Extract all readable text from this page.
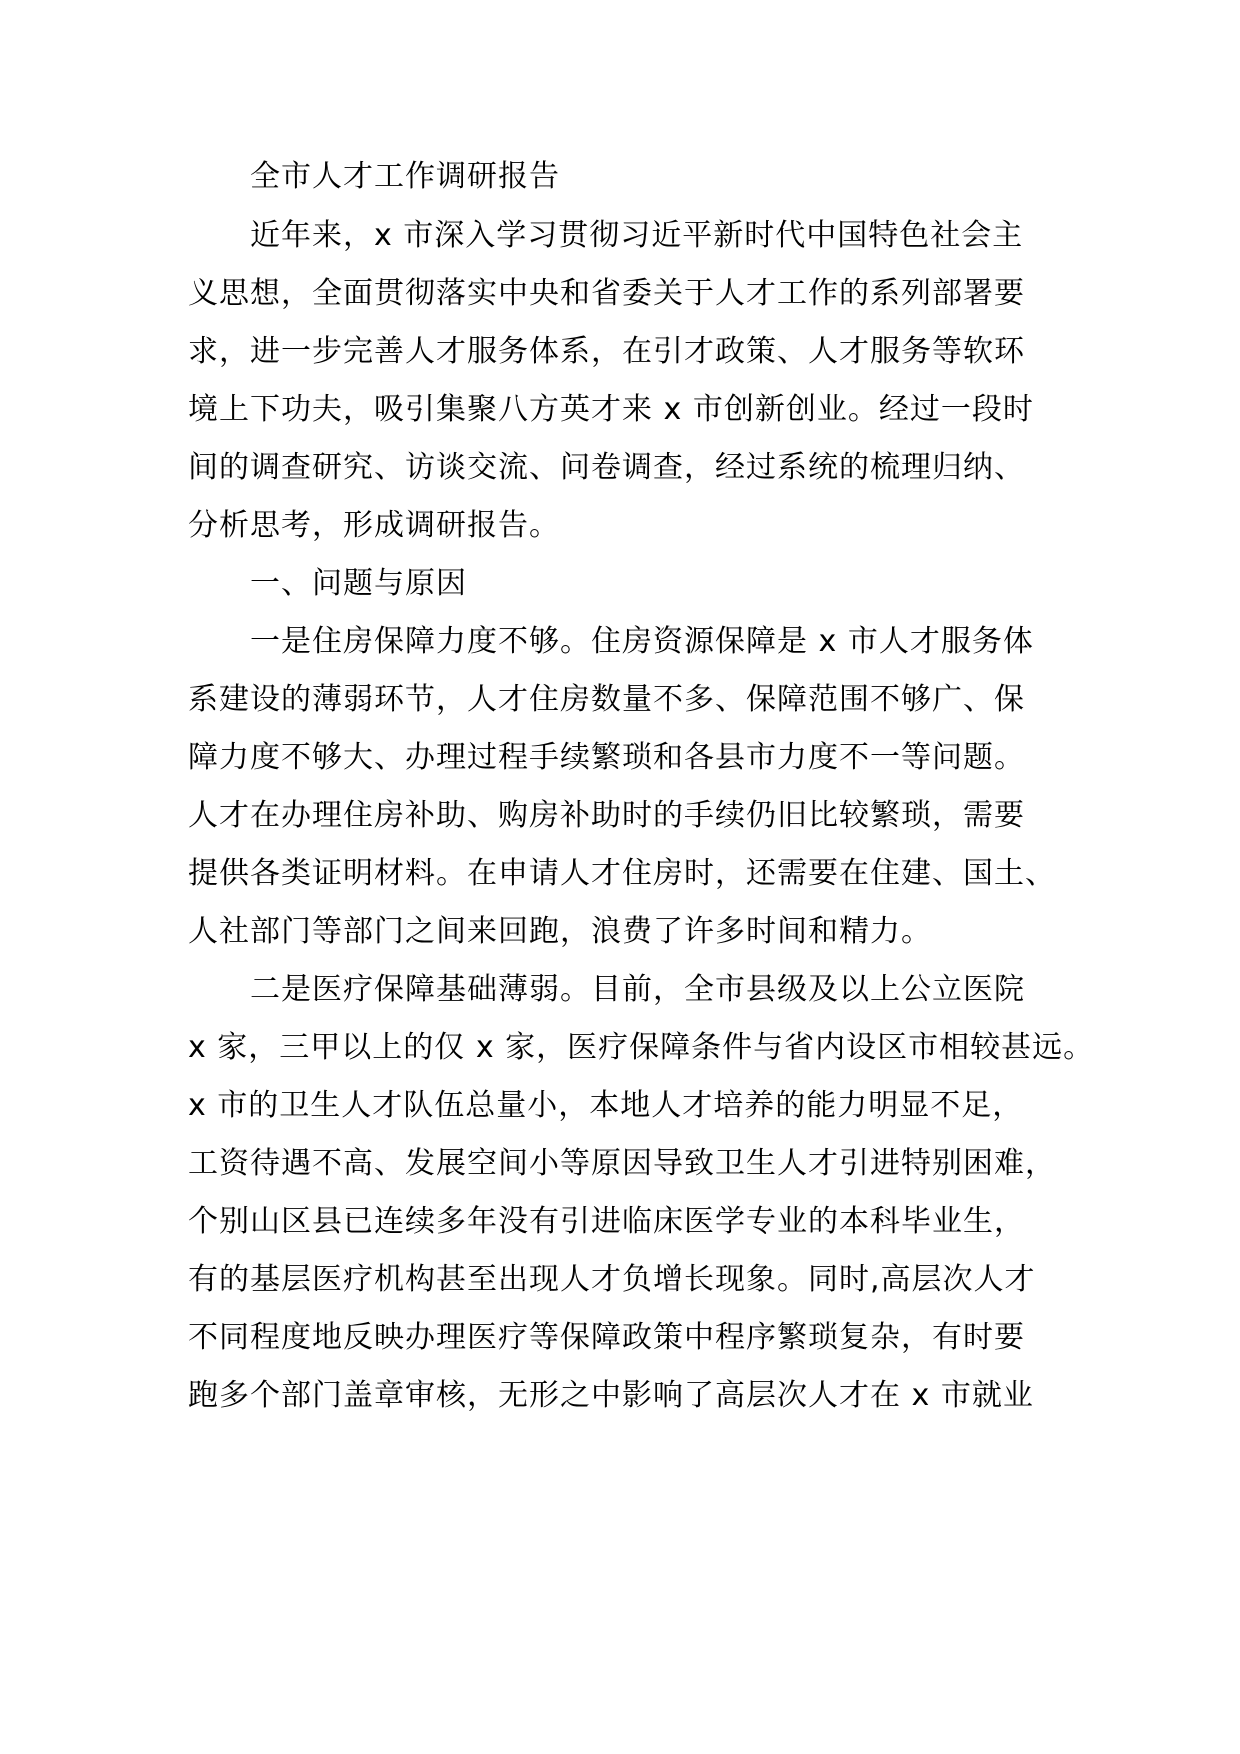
全市人才工作调研报告

近年来，x 市深入学习贯彻习近平新时代中国特色社会主

义思想，全面贯彻落实中央和省委关于人才工作的系列部署要

求，进一步完善人才服务体系，在引才政策、人才服务等软环

境上下功夫，吸引集聚八方英才来 x 市创新创业。经过一段时

间的调查研究、访谈交流、问卷调查，经过系统的梳理归纳、

分析思考，形成调研报告。

一、问题与原因

一是住房保障力度不够。住房资源保障是 x 市人才服务体

系建设的薄弱环节，人才住房数量不多、保障范围不够广、保

障力度不够大、办理过程手续繁琐和各县市力度不一等问题。

人才在办理住房补助、购房补助时的手续仍旧比较繁琐，需要

提供各类证明材料。在申请人才住房时，还需要在住建、国土、

人社部门等部门之间来回跑，浪费了许多时间和精力。

二是医疗保障基础薄弱。目前，全市县级及以上公立医院

x 家，三甲以上的仅 x 家，医疗保障条件与省内设区市相较甚远。

x 市的卫生人才队伍总量小，本地人才培养的能力明显不足，

工资待遇不高、发展空间小等原因导致卫生人才引进特别困难，

个别山区县已连续多年没有引进临床医学专业的本科毕业生，

有的基层医疗机构甚至出现人才负增长现象。同时,高层次人才

不同程度地反映办理医疗等保障政策中程序繁琐复杂，有时要

跑多个部门盖章审核，无形之中影响了高层次人才在 x 市就业
